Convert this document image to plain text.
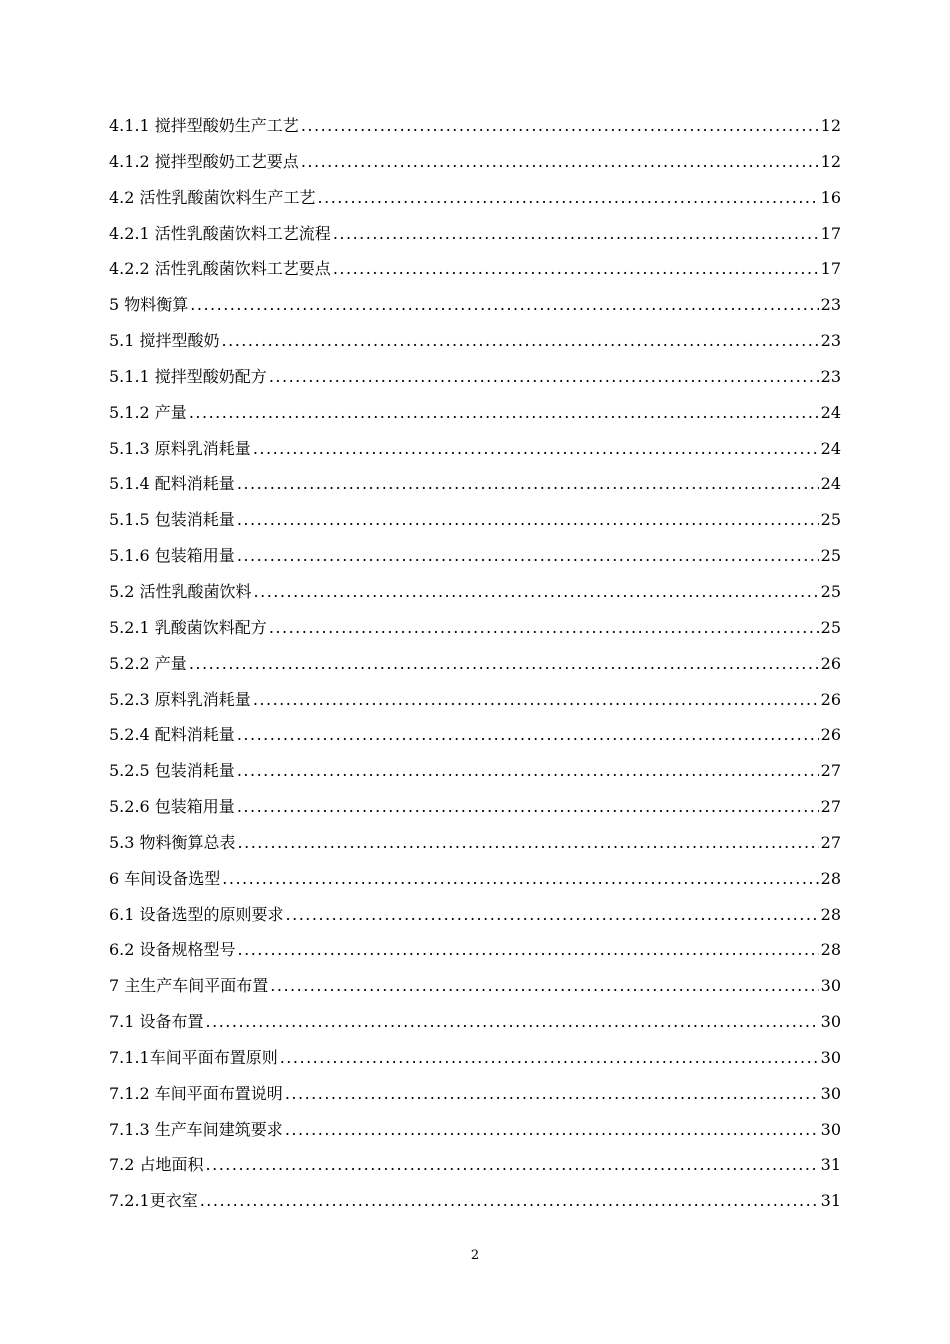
4.1.1 搅拌型酸奶生产工艺 .....	12
4.1.2 搅拌型酸奶工艺要点 .....	12
4.2 活性乳酸菌饮料生产工艺 .....	16
4.2.1 活性乳酸菌饮料工艺流程 .....	17
4.2.2 活性乳酸菌饮料工艺要点 .....	17
5 物料衡算 .....	23
5.1 搅拌型酸奶 .....	23
5.1.1 搅拌型酸奶配方 .....	23
5.1.2 产量 .....	24
5.1.3 原料乳消耗量 .....	24
5.1.4 配料消耗量 .....	24
5.1.5 包装消耗量 .....	25
5.1.6 包装箱用量 .....	25
5.2 活性乳酸菌饮料 .....	25
5.2.1 乳酸菌饮料配方 .....	25
5.2.2 产量 .....	26
5.2.3 原料乳消耗量 .....	26
5.2.4 配料消耗量 .....	26
5.2.5 包装消耗量 .....	27
5.2.6 包装箱用量 .....	27
5.3 物料衡算总表 .....	27
6 车间设备选型 .....	28
6.1 设备选型的原则要求 .....	28
6.2 设备规格型号 .....	28
7 主生产车间平面布置 .....	30
7.1 设备布置 .....	30
7.1.1车间平面布置原则 .....	30
7.1.2 车间平面布置说明 .....	30
7.1.3 生产车间建筑要求 .....	30
7.2 占地面积 .....	31
7.2.1更衣室 .....	31
2
